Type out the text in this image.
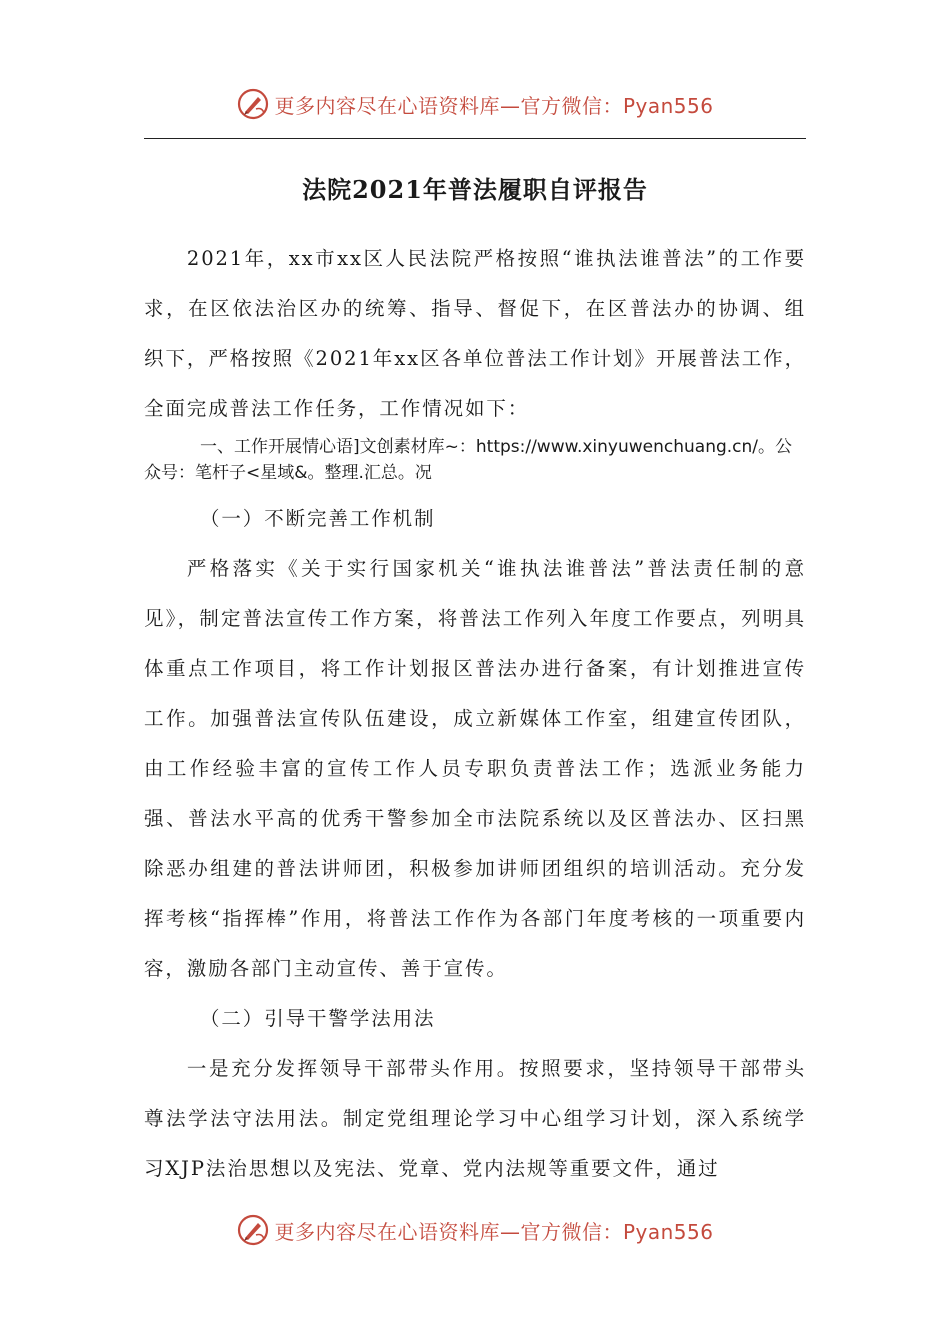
更多内容尽在心语资料库—官方微信：Pyan556
法院2021年普法履职自评报告

2021年，xx市xx区人民法院严格按照“谁执法谁普法”的工作要求，在区依法治区办的统筹、指导、督促下，在区普法办的协调、组织下，严格按照《2021年xx区各单位普法工作计划》开展普法工作，全面完成普法工作任务，工作情况如下：

一、工作开展情心语]文创素材库~：https://www.xinyuwenchuang.cn/。公众号：笔杆子<星域&。整理.汇总。况

（一）不断完善工作机制

严格落实《关于实行国家机关“谁执法谁普法”普法责任制的意见》，制定普法宣传工作方案，将普法工作列入年度工作要点，列明具体重点工作项目，将工作计划报区普法办进行备案，有计划推进宣传工作。加强普法宣传队伍建设，成立新媒体工作室，组建宣传团队，由工作经验丰富的宣传工作人员专职负责普法工作；选派业务能力强、普法水平高的优秀干警参加全市法院系统以及区普法办、区扫黑除恶办组建的普法讲师团，积极参加讲师团组织的培训活动。充分发挥考核“指挥棒”作用，将普法工作作为各部门年度考核的一项重要内容，激励各部门主动宣传、善于宣传。

（二）引导干警学法用法

一是充分发挥领导干部带头作用。按照要求，坚持领导干部带头尊法学法守法用法。制定党组理论学习中心组学习计划，深入系统学习XJP法治思想以及宪法、党章、党内法规等重要文件，通过

更多内容尽在心语资料库—官方微信：Pyan556
